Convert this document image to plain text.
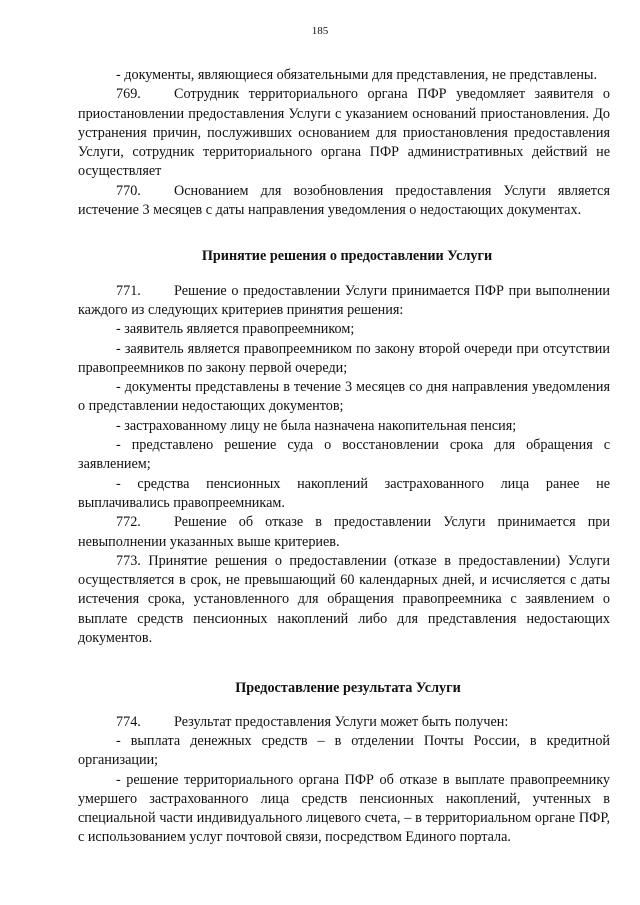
185

- документы, являющиеся обязательными для представления, не представлены.

769. Сотрудник территориального органа ПФР уведомляет заявителя о приостановлении предоставления Услуги с указанием оснований приостановления. До устранения причин, послуживших основанием для приостановления предоставления Услуги, сотрудник территориального органа ПФР административных действий не осуществляет

770. Основанием для возобновления предоставления Услуги является истечение 3 месяцев с даты направления уведомления о недостающих документах.

Принятие решения о предоставлении Услуги

771. Решение о предоставлении Услуги принимается ПФР при выполнении каждого из следующих критериев принятия решения:

- заявитель является правопреемником;

- заявитель является правопреемником по закону второй очереди при отсутствии правопреемников по закону первой очереди;

- документы представлены в течение 3 месяцев со дня направления уведомления о представлении недостающих документов;

- застрахованному лицу не была назначена накопительная пенсия;

- представлено решение суда о восстановлении срока для обращения с заявлением;

- средства пенсионных накоплений застрахованного лица ранее не выплачивались правопреемникам.

772. Решение об отказе в предоставлении Услуги принимается при невыполнении указанных выше критериев.

773. Принятие решения о предоставлении (отказе в предоставлении) Услуги осуществляется в срок, не превышающий 60 календарных дней, и исчисляется с даты истечения срока, установленного для обращения правопреемника с заявлением о выплате средств пенсионных накоплений либо для представления недостающих документов.

Предоставление результата Услуги

774. Результат предоставления Услуги может быть получен:

- выплата денежных средств – в отделении Почты России, в кредитной организации;

- решение территориального органа ПФР об отказе в выплате правопреемнику умершего застрахованного лица средств пенсионных накоплений, учтенных в специальной части индивидуального лицевого счета, – в территориальном органе ПФР, с использованием услуг почтовой связи, посредством Единого портала.
